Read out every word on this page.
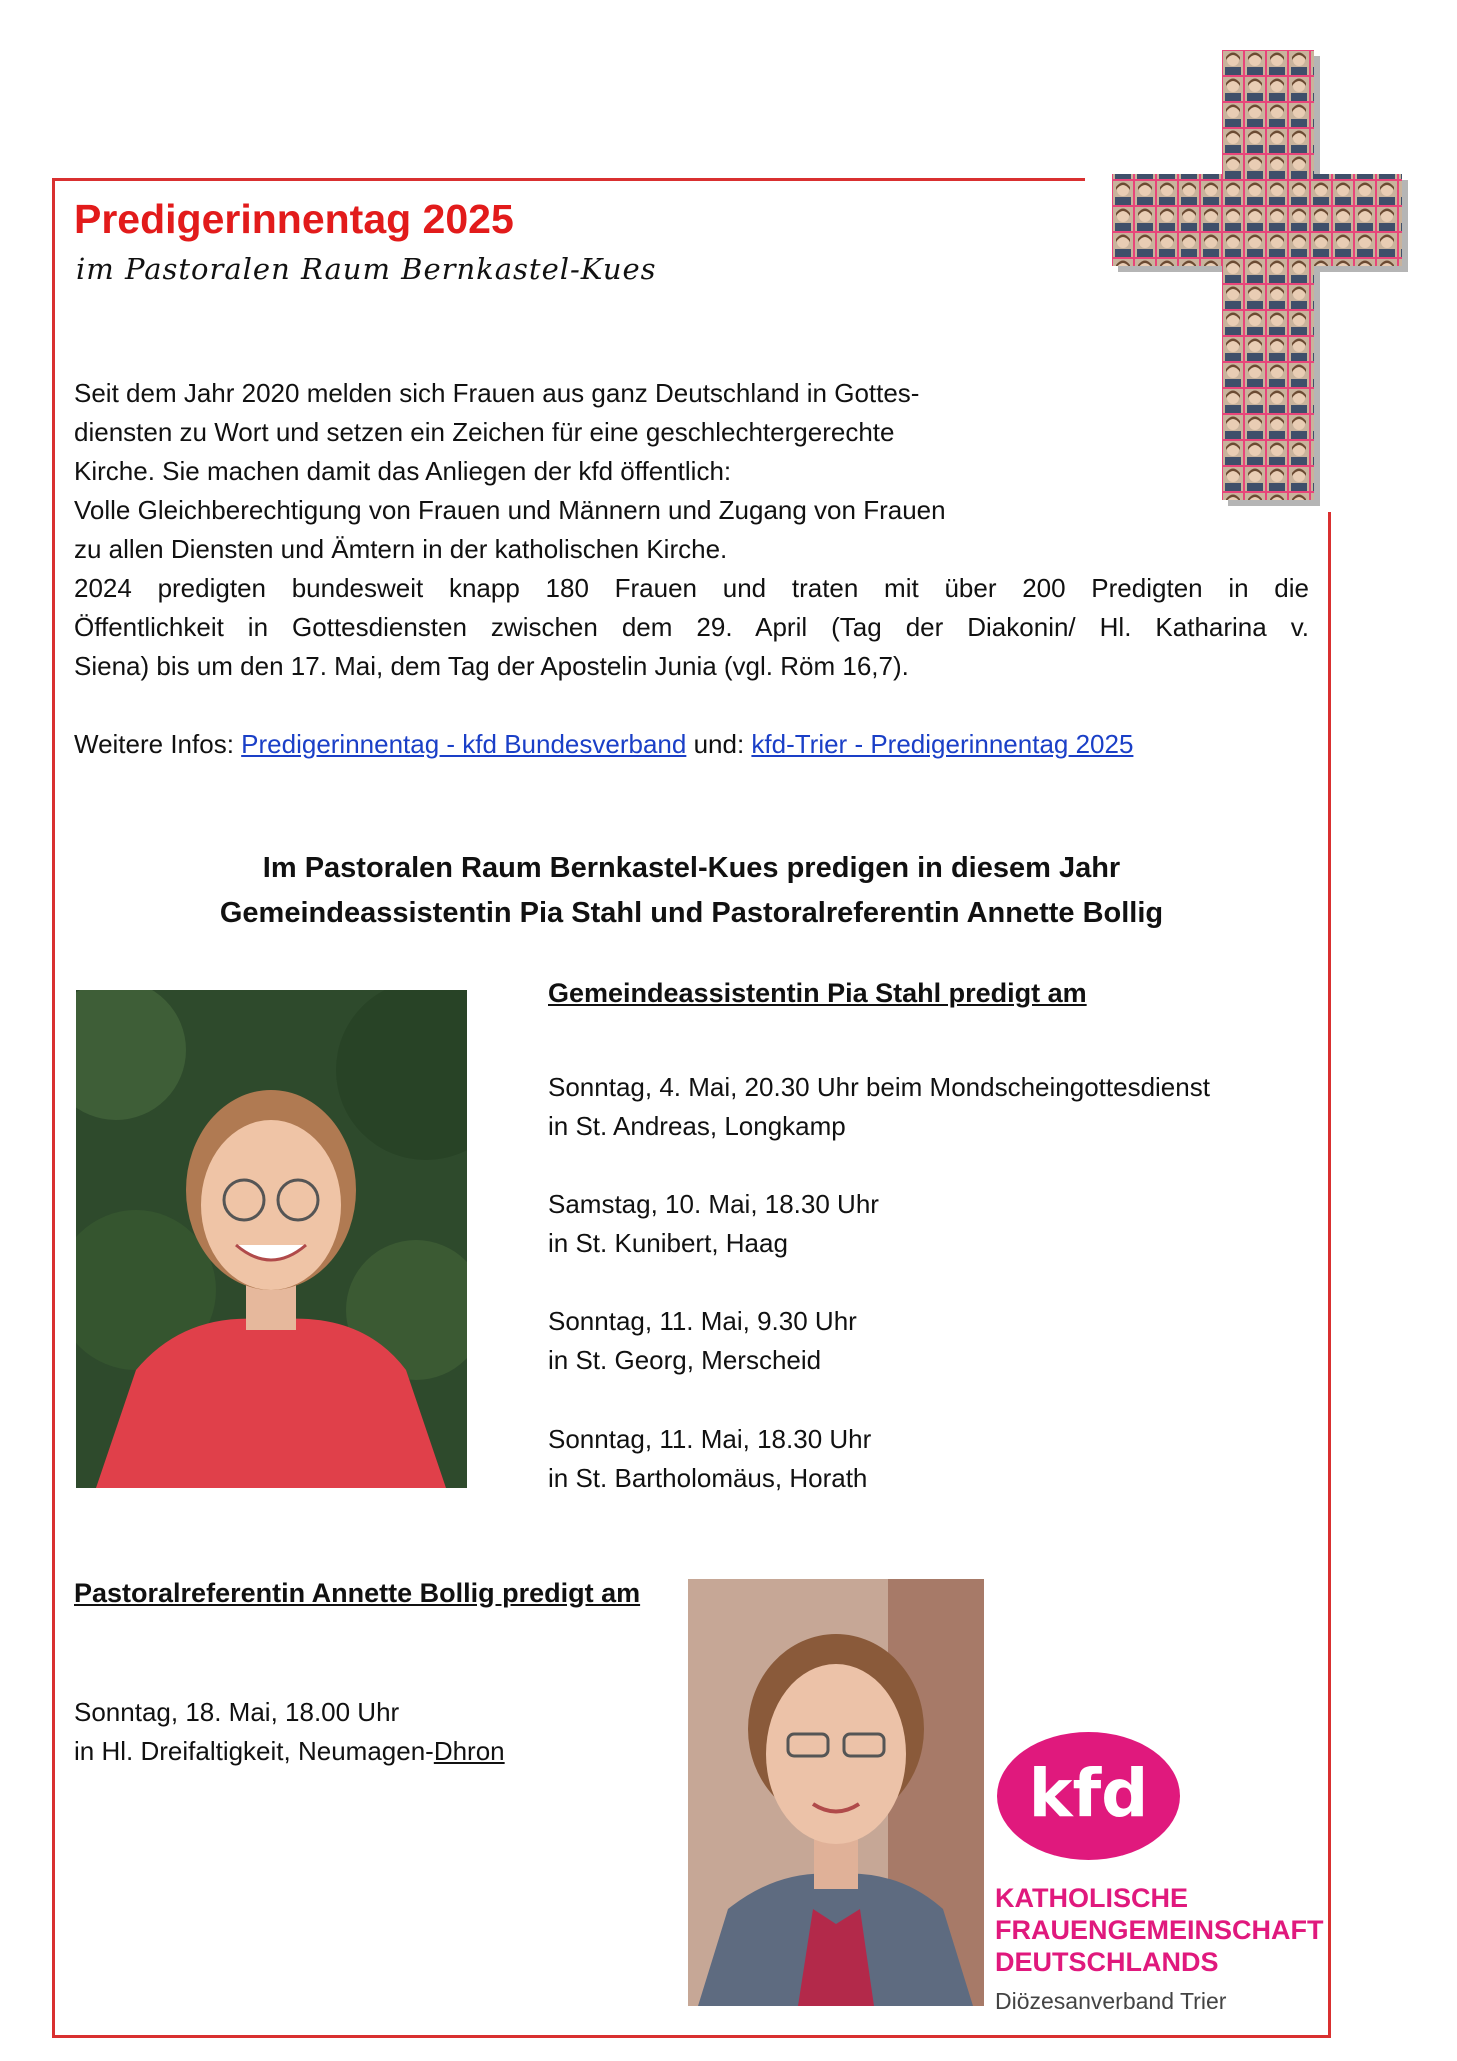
Predigerinnentag 2025

im Pastoralen Raum Bernkastel-Kues

Seit dem Jahr 2020 melden sich Frauen aus ganz Deutschland in Gottes-
diensten zu Wort und setzen ein Zeichen für eine geschlechtergerechte
Kirche. Sie machen damit das Anliegen der kfd öffentlich:
Volle Gleichberechtigung von Frauen und Männern und Zugang von Frauen
zu allen Diensten und Ämtern in der katholischen Kirche.

2024 predigten bundesweit knapp 180 Frauen und traten mit über 200 Predigten in die
Öffentlichkeit in Gottesdiensten zwischen dem 29. April (Tag der Diakonin/ Hl. Katharina v.
Siena) bis um den 17. Mai, dem Tag der Apostelin Junia (vgl. Röm 16,7).

Weitere Infos: Predigerinnentag - kfd Bundesverband und: kfd-Trier - Predigerinnentag 2025

Im Pastoralen Raum Bernkastel-Kues predigen in diesem Jahr

Gemeindeassistentin Pia Stahl und Pastoralreferentin Annette Bollig

Gemeindeassistentin Pia Stahl predigt am

Sonntag, 4. Mai, 20.30 Uhr beim Mondscheingottesdienst
in St. Andreas, Longkamp

Samstag, 10. Mai, 18.30 Uhr
in St. Kunibert, Haag

Sonntag, 11. Mai, 9.30 Uhr
in St. Georg, Merscheid

Sonntag, 11. Mai, 18.30 Uhr
in St. Bartholomäus, Horath

Pastoralreferentin Annette Bollig predigt am

Sonntag, 18. Mai, 18.00 Uhr
in Hl. Dreifaltigkeit, Neumagen-Dhron

kfd

KATHOLISCHE

FRAUENGEMEINSCHAFT

DEUTSCHLANDS

Diözesanverband Trier
